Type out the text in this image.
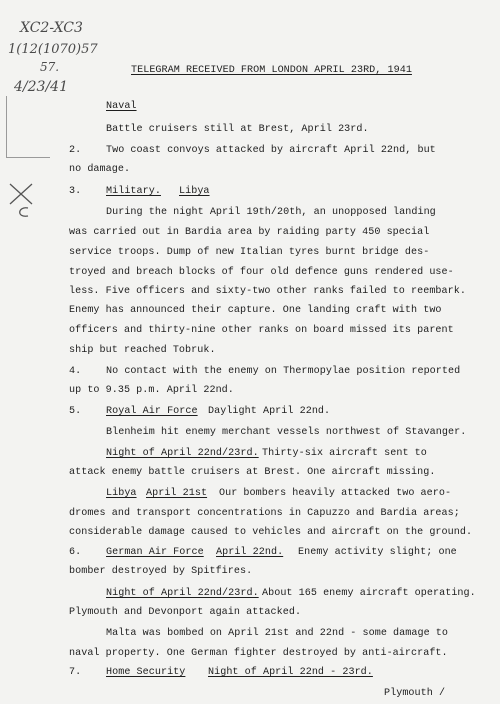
XC2-XC3
1(12(1070)57
57.
4/23/41
TELEGRAM RECEIVED FROM LONDON APRIL 23RD, 1941
Naval
Battle cruisers still at Brest, April 23rd.
2. Two coast convoys attacked by aircraft April 22nd, but
no damage.
3. Military. Libya
During the night April 19th/20th, an unopposed landing
was carried out in Bardia area by raiding party 450 special
service troops. Dump of new Italian tyres burnt bridge des-
troyed and breach blocks of four old defence guns rendered use-
less. Five officers and sixty-two other ranks failed to reembark.
Enemy has announced their capture. One landing craft with two
officers and thirty-nine other ranks on board missed its parent
ship but reached Tobruk.
4. No contact with the enemy on Thermopylae position reported
up to 9.35 p.m. April 22nd.
5. Royal Air Force Daylight April 22nd.
Blenheim hit enemy merchant vessels northwest of Stavanger.
Night of April 22nd/23rd. Thirty-six aircraft sent to
attack enemy battle cruisers at Brest. One aircraft missing.
Libya April 21st Our bombers heavily attacked two aero-
dromes and transport concentrations in Capuzzo and Bardia areas;
considerable damage caused to vehicles and aircraft on the ground.
6. German Air Force April 22nd. Enemy activity slight; one
bomber destroyed by Spitfires.
Night of April 22nd/23rd. About 165 enemy aircraft operating.
Plymouth and Devonport again attacked.
Malta was bombed on April 21st and 22nd - some damage to
naval property. One German fighter destroyed by anti-aircraft.
7. Home Security Night of April 22nd - 23rd.
Plymouth /
